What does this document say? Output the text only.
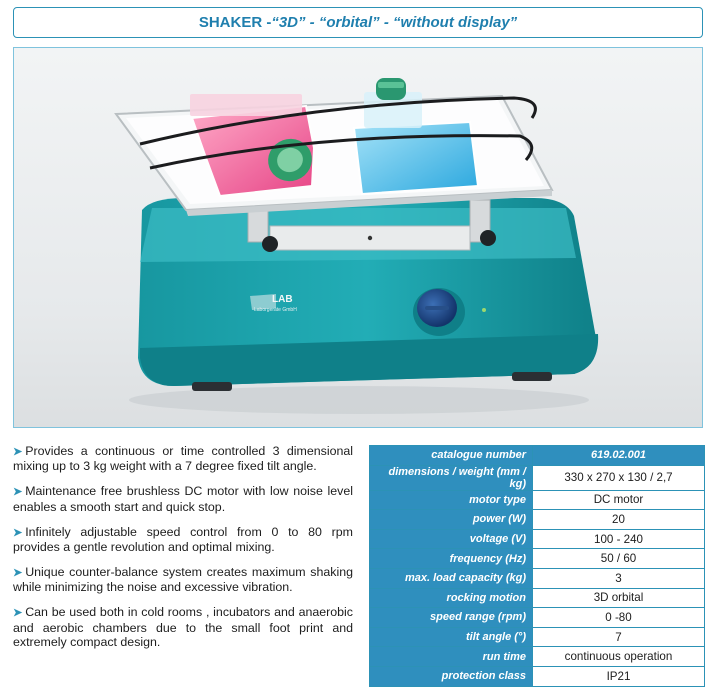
SHAKER - “3D” - “orbital” - “without display”
LAB
Laborgeräte GmbH

➤ Provides a continuous or time controlled 3 dimensional mixing up to 3 kg weight with a 7 degree fixed tilt angle.

➤ Maintenance free brushless DC motor with low noise level enables a smooth start and quick stop.

➤ Infinitely adjustable speed control from 0 to 80 rpm provides a gentle revolution and optimal mixing.

➤ Unique counter-balance system creates maximum shaking while minimizing the noise and excessive vibration.

➤ Can be used both in cold rooms , incubators and anaerobic and aerobic chambers due to the small foot print and extremely compact design.

catalogue number	619.02.001
dimensions / weight (mm / kg)	330 x 270 x 130 / 2,7
motor type	DC motor
power (W)	20
voltage (V)	100 - 240
frequency (Hz)	50 / 60
max. load capacity (kg)	3
rocking motion	3D orbital
speed range (rpm)	0 -80
tilt angle (°)	7
run time	continuous operation
protection class	IP21
